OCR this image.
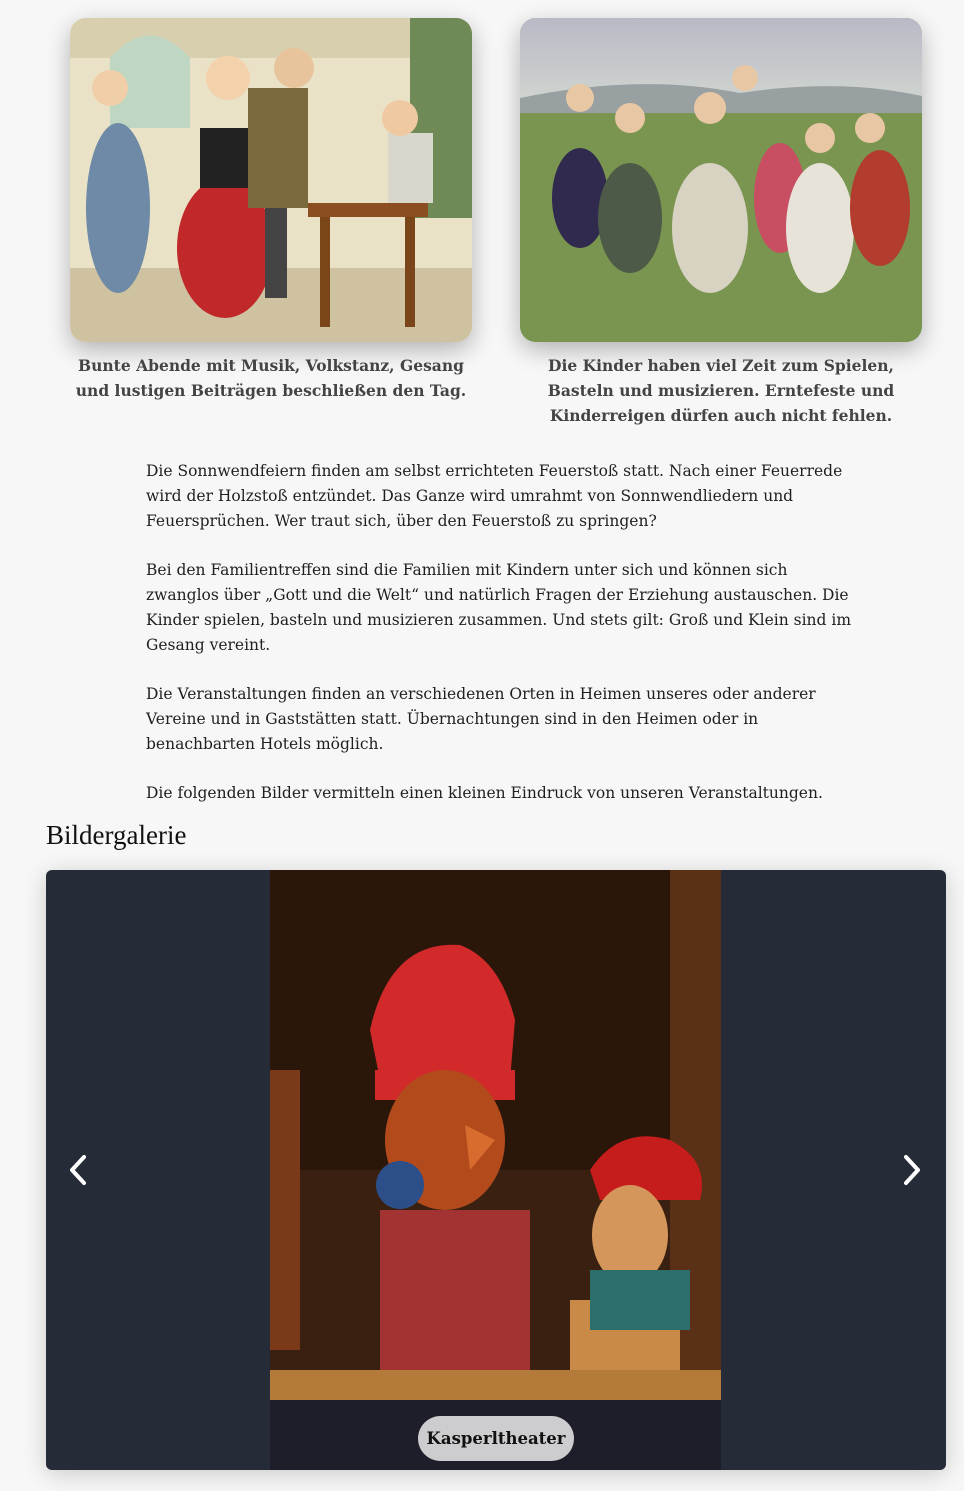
Bunte Abende mit Musik, Volkstanz, Gesang und lustigen Beiträgen beschließen den Tag.
Die Kinder haben viel Zeit zum Spielen, Basteln und musizieren. Erntefeste und Kinderreigen dürfen auch nicht fehlen.

Die Sonnwendfeiern finden am selbst errichteten Feuerstoß statt. Nach einer Feuerrede wird der Holzstoß entzündet. Das Ganze wird umrahmt von Sonnwendliedern und Feuersprüchen. Wer traut sich, über den Feuerstoß zu springen?

Bei den Familientreffen sind die Familien mit Kindern unter sich und können sich zwanglos über „Gott und die Welt“ und natürlich Fragen der Erziehung austauschen. Die Kinder spielen, basteln und musizieren zusammen. Und stets gilt: Groß und Klein sind im Gesang vereint.

Die Veranstaltungen finden an verschiedenen Orten in Heimen unseres oder anderer Vereine und in Gaststätten statt. Übernachtungen sind in den Heimen oder in benachbarten Hotels möglich.

Die folgenden Bilder vermitteln einen kleinen Eindruck von unseren Veranstaltungen.

Bildergalerie
Kasperltheater
